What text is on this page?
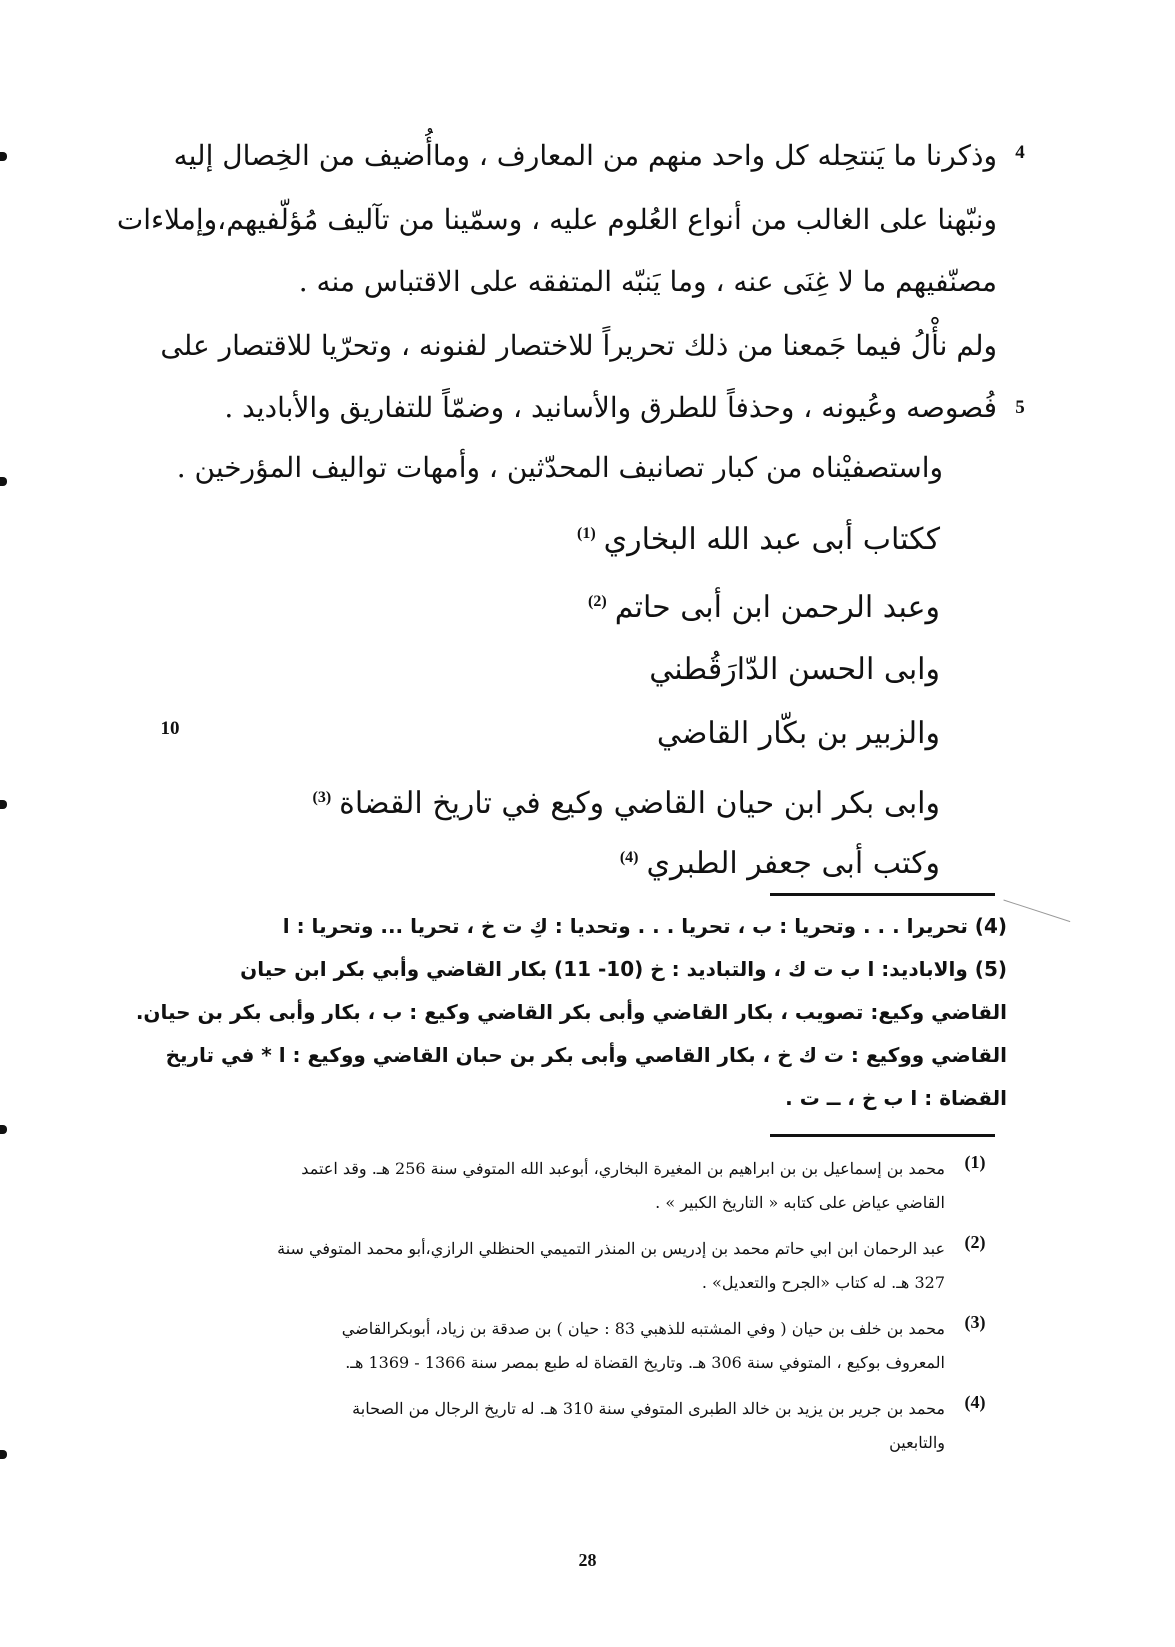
4
وذكرنا ما يَنتحِله كل واحد منهم من المعارف ، وماأُضيف من الخِصال إليه
ونبّهنا على الغالب من أنواع العُلوم عليه ، وسمّينا من تآليف مُؤلّفيهم،وإملاءات
مصنّفيهم ما لا غِنَى عنه ، وما يَنبّه المتفقه على الاقتباس منه .
ولم نأْلُ فيما جَمعنا من ذلك تحريراً للاختصار لفنونه ، وتحرّيا للاقتصار على
5
فُصوصه وعُيونه ، وحذفاً للطرق والأسانيد ، وضمّاً للتفاريق والأباديد .
واستصفيْناه من كبار تصانيف المحدّثين ، وأمهات تواليف المؤرخين .
ككتاب أبى عبد الله البخاري$^{(1)}$
وعبد الرحمن ابن أبى حاتم$^{(2)}$
وابى الحسن الدّارَقُطني
10	والزبير بن بكّار القاضي
وابى بكر ابن حيان القاضي وكيع في تاريخ القضاة$^{(3)}$
وكتب أبى جعفر الطبري$^{(4)}$
(4) تحريرا . . . وتحريا : ب ، تحريا . . . وتحديا : كِ ت خ ، تحريا ... وتحريا : ا
(5) والاباديد: ا ب ت ك ، والتباديد : خ (10- 11) بكار القاضي وأبي بكر ابن حيان
القاضي وكيع: تصويب ، بكار القاضي وأبى بكر القاضي وكيع : ب ، بكار وأبى بكر بن حيان.
القاضي ووكيع : ت ك خ ، بكار القاصي وأبى بكر بن حبان القاضي ووكيع : ا * في تاريخ
القضاة : ا ب خ ، ــ ت .
(1)
محمد بن إسماعيل بن بن ابراهيم بن المغيرة البخاري، أبوعبد الله المتوفي سنة 256 هـ. وقد اعتمد
القاضي عياض على كتابه « التاريخ الكبير » .
(2)
عبد الرحمان ابن ابي حاتم محمد بن إدريس بن المنذر التميمي الحنظلي الرازي،أبو محمد المتوفي سنة
327 هـ. له كتاب «الجرح والتعديل» .
(3)
محمد بن خلف بن حيان ( وفي المشتبه للذهبي 83 : حيان ) بن صدقة بن زياد، أبوبكرالقاضي
المعروف بوكيع ، المتوفي سنة 306 هـ. وتاريخ القضاة له طبع بمصر سنة 1366 - 1369 هـ.
(4)
محمد بن جرير بن يزيد بن خالد الطبرى المتوفي سنة 310 هـ. له تاريخ الرجال من الصحابة
والتابعين
28
